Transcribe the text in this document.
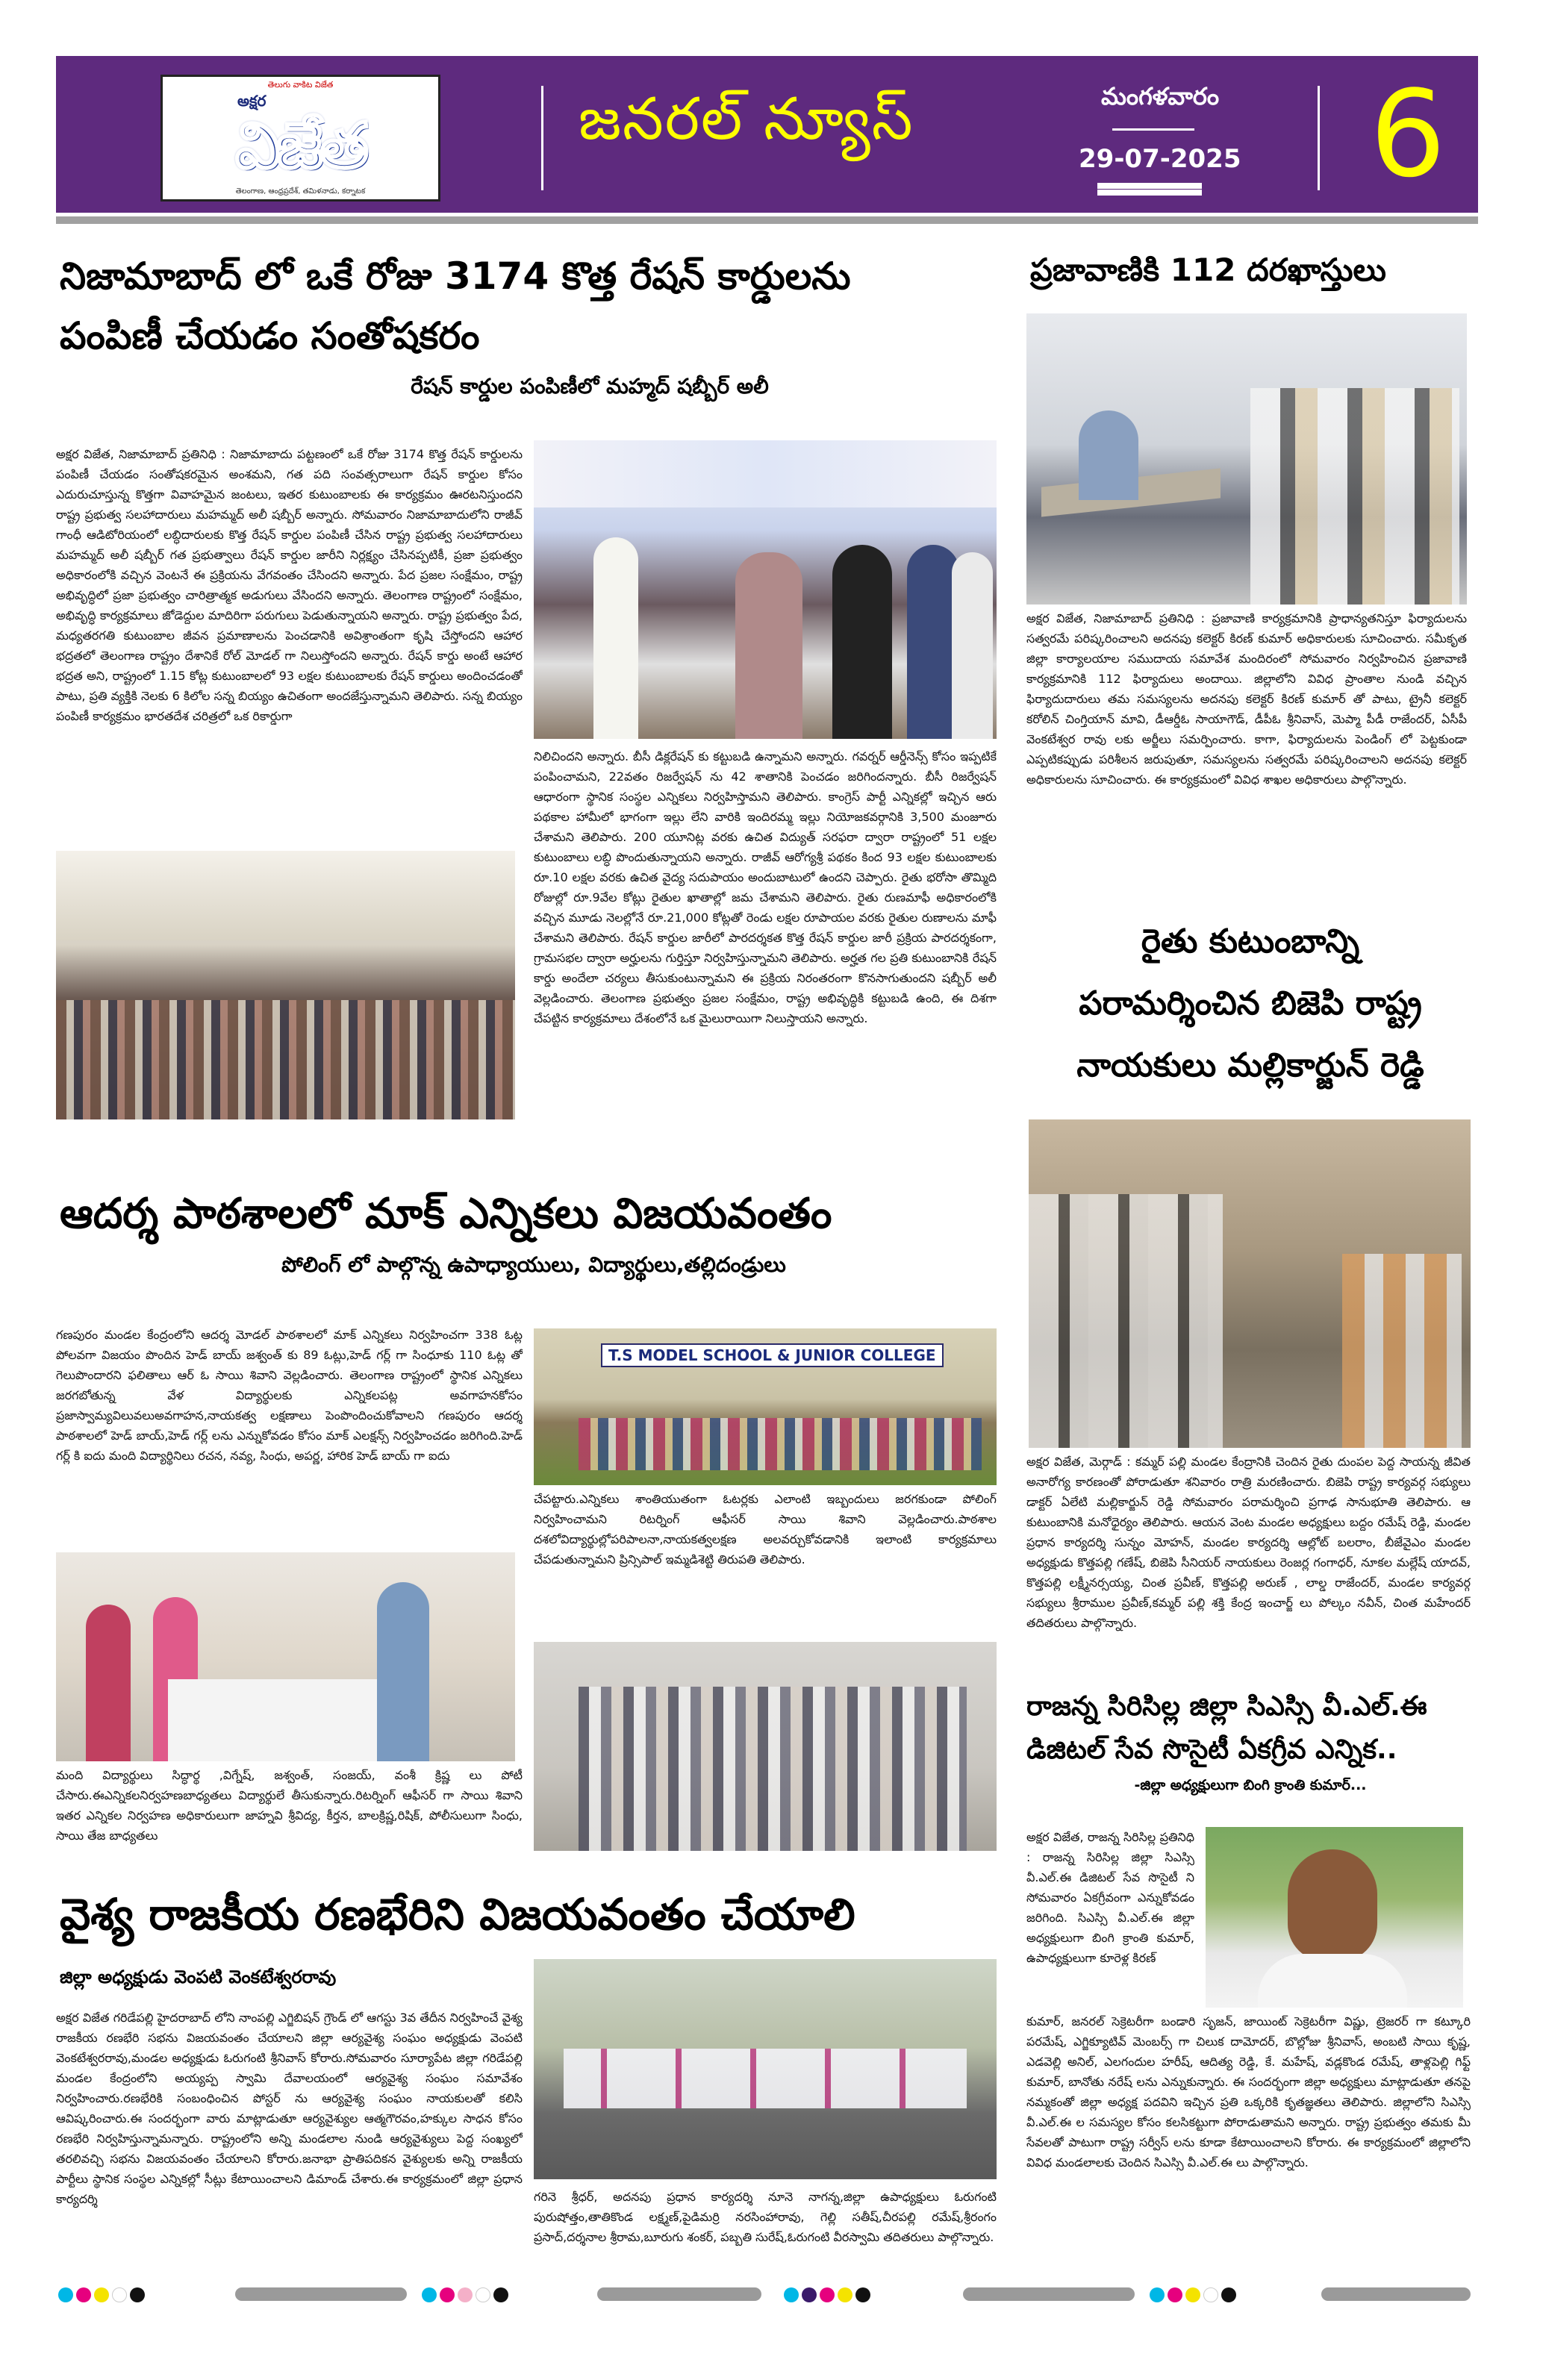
తెలుగు వాకిట విజేత
అక్షర
విజేత
తెలంగాణ, ఆంధ్రప్రదేశ్, తమిళనాడు, కర్నాటక
జనరల్ న్యూస్	మంగళవారం
29-07-2025 6
నిజామాబాద్ లో ఒకే రోజు 3174 కొత్త రేషన్ కార్డులను
పంపిణీ చేయడం సంతోషకరం
రేషన్ కార్డుల పంపిణీలో మహ్మద్ షబ్బీర్ అలీ
అక్షర విజేత, నిజామాబాద్ ప్రతినిధి : నిజామాబాదు పట్టణంలో ఒకే రోజు 3174 కొత్త రేషన్ కార్డులను పంపిణీ చేయడం సంతోషకరమైన అంశమని, గత పది సంవత్సరాలుగా రేషన్ కార్డుల కోసం ఎదురుచూస్తున్న కొత్తగా వివాహమైన జంటలు, ఇతర కుటుంబాలకు ఈ కార్యక్రమం ఊరటనిస్తుందని రాష్ట్ర ప్రభుత్వ సలహాదారులు మహమ్మద్ అలీ షబ్బీర్ అన్నారు. సోమవారం నిజామాబాదులోని రాజీవ్ గాంధీ ఆడిటోరియంలో లబ్ధిదారులకు కొత్త రేషన్ కార్డుల పంపిణీ చేసిన రాష్ట్ర ప్రభుత్వ సలహాదారులు మహమ్మద్ అలీ షబ్బీర్ గత ప్రభుత్వాలు రేషన్ కార్డుల జారీని నిర్లక్ష్యం చేసినప్పటికీ, ప్రజా ప్రభుత్వం అధికారంలోకి వచ్చిన వెంటనే ఈ ప్రక్రియను వేగవంతం చేసిందని అన్నారు. పేద ప్రజల సంక్షేమం, రాష్ట్ర అభివృద్ధిలో ప్రజా ప్రభుత్వం చారిత్రాత్మక అడుగులు వేసిందని అన్నారు. తెలంగాణ రాష్ట్రంలో సంక్షేమం, అభివృద్ధి కార్యక్రమాలు జోడెద్దుల మాదిరిగా పరుగులు పెడుతున్నాయని అన్నారు. రాష్ట్ర ప్రభుత్వం పేద, మధ్యతరగతి కుటుంబాల జీవన ప్రమాణాలను పెంచడానికి అవిశ్రాంతంగా కృషి చేస్తోందని ఆహార భద్రతలో తెలంగాణ రాష్ట్రం దేశానికే రోల్ మోడల్ గా నిలుస్తోందని అన్నారు. రేషన్ కార్డు అంటే ఆహార భద్రత అని, రాష్ట్రంలో 1.15 కోట్ల కుటుంబాలలో 93 లక్షల కుటుంబాలకు రేషన్ కార్డులు అందించడంతో పాటు, ప్రతి వ్యక్తికి నెలకు 6 కిలోల సన్న బియ్యం ఉచితంగా అందజేస్తున్నామని తెలిపారు. సన్న బియ్యం పంపిణీ కార్యక్రమం భారతదేశ చరిత్రలో ఒక రికార్డుగా
నిలిచిందని అన్నారు. బీసీ డిక్లరేషన్ కు కట్టుబడి ఉన్నామని అన్నారు. గవర్నర్ ఆర్డీనెన్స్ కోసం ఇప్పటికే పంపించామని, 22వతం రిజర్వేషన్ ను 42 శాతానికి పెంచడం జరిగిందన్నారు. బీసీ రిజర్వేషన్ ఆధారంగా స్థానిక సంస్థల ఎన్నికలు నిర్వహిస్తామని తెలిపారు. కాంగ్రెస్ పార్టీ ఎన్నికల్లో ఇచ్చిన ఆరు పథకాల హామీలో భాగంగా ఇల్లు లేని వారికి ఇందిరమ్మ ఇల్లు నియోజకవర్గానికి 3,500 మంజూరు చేశామని తెలిపారు. 200 యూనిట్ల వరకు ఉచిత విద్యుత్ సరఫరా ద్వారా రాష్ట్రంలో 51 లక్షల కుటుంబాలు లబ్ధి పొందుతున్నాయని అన్నారు. రాజీవ్ ఆరోగ్యశ్రీ పథకం కింద 93 లక్షల కుటుంబాలకు రూ.10 లక్షల వరకు ఉచిత వైద్య సదుపాయం అందుబాటులో ఉందని చెప్పారు. రైతు భరోసా తొమ్మిది రోజుల్లో రూ.9వేల కోట్లు రైతుల ఖాతాల్లో జమ చేశామని తెలిపారు. రైతు రుణమాఫీ అధికారంలోకి వచ్చిన మూడు నెలల్లోనే రూ.21,000 కోట్లతో రెండు లక్షల రూపాయల వరకు రైతుల రుణాలను మాఫీ చేశామని తెలిపారు. రేషన్ కార్డుల జారీలో పారదర్శకత కొత్త రేషన్ కార్డుల జారీ ప్రక్రియ పారదర్శకంగా, గ్రామసభల ద్వారా అర్హులను గుర్తిస్తూ నిర్వహిస్తున్నామని తెలిపారు. అర్హత గల ప్రతి కుటుంబానికి రేషన్ కార్డు అందేలా చర్యలు తీసుకుంటున్నామని ఈ ప్రక్రియ నిరంతరంగా కొనసాగుతుందని షబ్బీర్ అలీ వెల్లడించారు. తెలంగాణ ప్రభుత్వం ప్రజల సంక్షేమం, రాష్ట్ర అభివృద్ధికి కట్టుబడి ఉంది, ఈ దిశగా చేపట్టిన కార్యక్రమాలు దేశంలోనే ఒక మైలురాయిగా నిలుస్తాయని అన్నారు.
ఆదర్శ పాఠశాలలో మాక్ ఎన్నికలు విజయవంతం
పోలింగ్ లో పాల్గొన్న ఉపాధ్యాయులు, విద్యార్థులు,తల్లిదండ్రులు
గణపురం మండల కేంద్రంలోని ఆదర్శ మోడల్ పాఠశాలలో మాక్ ఎన్నికలు నిర్వహించగా 338 ఓట్ల పోలవగా విజయం పొందిన హెడ్ బాయ్ జశ్వంత్ కు 89 ఓట్లు,హెడ్ గర్ల్ గా సింధూకు 110 ఓట్ల తో గెలుపొందారని ఫలితాలు ఆర్ ఓ సాయి శివాని వెల్లడించారు. తెలంగాణ రాష్ట్రంలో స్థానిక ఎన్నికలు జరగబోతున్న వేళ విద్యార్థులకు ఎన్నికలపట్ల అవగాహనకోసం ప్రజాస్వామ్యవిలువలుఅవగాహన,నాయకత్వ లక్షణాలు పెంపొందించుకోవాలని గణపురం ఆదర్శ పాఠశాలలో హెడ్ బాయ్,హెడ్ గర్ల్ లను ఎన్నుకోవడం కోసం మాక్ ఎలక్షన్స్ నిర్వహించడం జరిగింది.హెడ్ గర్ల్ కి ఐదు మంది విద్యార్థినిలు రచన, నవ్య, సింధు, అపర్ణ, హారిక హెడ్ బాయ్ గా ఐదు
T.S MODEL SCHOOL & JUNIOR COLLEGE
చేపట్టారు.ఎన్నికలు శాంతియుతంగా ఓటర్లకు ఎలాంటి ఇబ్బందులు జరగకుండా పోలింగ్ నిర్వహించామని రిటర్నింగ్ ఆఫీసర్ సాయి శివాని వెల్లడించారు.పాఠశాల దశలోవిద్యార్థుల్లోపరిపాలనా,నాయకత్వలక్షణ అలవర్చుకోవడానికి ఇలాంటి కార్యక్రమాలు చేపడుతున్నామని ప్రిన్సిపాల్ ఇమ్మడిశెట్టి తిరుపతి తెలిపారు.
మంది విద్యార్థులు సిద్ధార్థ ,విగ్నేష్, జశ్వంత్, సంజయ్, వంశీ క్రిష్ణ లు పోటీ చేసారు.ఈఎన్నికలనిర్వహణబాధ్యతలు విద్యార్థులే తీసుకున్నారు.రిటర్నింగ్ ఆఫీసర్ గా సాయి శివాని ఇతర ఎన్నికల నిర్వహణ అధికారులుగా జాహ్నవి శ్రీవిద్య, కీర్తన, బాలక్రిష్ణ,రిషిక్, పోలీసులుగా సింధు, సాయి తేజ బాధ్యతలు
వైశ్య రాజకీయ రణభేరిని విజయవంతం చేయాలి
జిల్లా అధ్యక్షుడు వెంపటి వెంకటేశ్వరరావు
అక్షర విజేత గరిడేపల్లి హైదరాబాద్ లోని నాంపల్లి ఎగ్జిబిషన్ గ్రౌండ్ లో ఆగస్టు 3వ తేదీన నిర్వహించే వైశ్య రాజకీయ రణభేరి సభను విజయవంతం చేయాలని జిల్లా ఆర్యవైశ్య సంఘం అధ్యక్షుడు వెంపటి వెంకటేశ్వరరావు,మండల అధ్యక్షుడు ఓరుగంటి శ్రీనివాస్ కోరారు.సోమవారం సూర్యాపేట జిల్లా గరిడేపల్లి మండల కేంద్రంలోని అయ్యప్ప స్వామి దేవాలయంలో ఆర్యవైశ్య సంఘం సమావేశం నిర్వహించారు.రణభేరికి సంబంధించిన పోస్టర్ ను ఆర్యవైశ్య సంఘం నాయకులతో కలిసి ఆవిష్కరించారు.ఈ సందర్భంగా వారు మాట్లాడుతూ ఆర్యవైశ్యుల ఆత్మగౌరవం,హక్కుల సాధన కోసం రణభేరి నిర్వహిస్తున్నామన్నారు. రాష్ట్రంలోని అన్ని మండలాల నుండి ఆర్యవైశ్యులు పెద్ద సంఖ్యలో తరలివచ్చి సభను విజయవంతం చేయాలని కోరారు.జనాభా ప్రాతిపదికన వైశ్యులకు అన్ని రాజకీయ పార్టీలు స్థానిక సంస్థల ఎన్నికల్లో సీట్లు కేటాయించాలని డిమాండ్ చేశారు.ఈ కార్యక్రమంలో జిల్లా ప్రధాన కార్యదర్శి	గరినె శ్రీధర్, అదనపు ప్రధాన కార్యదర్శి నూనె నాగన్న,జిల్లా ఉపాధ్యక్షులు ఓరుగంటి పురుషోత్తం,తాతికొండ లక్ష్మణ్,పైడిమర్రి నరసింహారావు, గెల్లి సతీష్,చీరపల్లి రమేష్,శ్రీరంగం ప్రసాద్,దర్శనాల శ్రీరామ,బూరుగు శంకర్, పబ్బతి సురేష్,ఓరుగంటి వీరస్వామి తదితరులు పాల్గొన్నారు.
ప్రజావాణికి 112 దరఖాస్తులు
అక్షర విజేత, నిజామాబాద్ ప్రతినిధి : ప్రజావాణి కార్యక్రమానికి ప్రాధాన్యతనిస్తూ ఫిర్యాదులను సత్వరమే పరిష్కరించాలని అదనపు కలెక్టర్ కిరణ్ కుమార్ అధికారులకు సూచించారు. సమీకృత జిల్లా కార్యాలయాల సముదాయ సమావేశ మందిరంలో సోమవారం నిర్వహించిన ప్రజావాణి కార్యక్రమానికి 112 ఫిర్యాదులు అందాయి. జిల్లాలోని వివిధ ప్రాంతాల నుండి వచ్చిన ఫిర్యాదుదారులు తమ సమస్యలను అదనపు కలెక్టర్ కిరణ్ కుమార్ తో పాటు, ట్రైనీ కలెక్టర్ కరోలిన్ చింగ్తియాన్ మావి, డీఆర్డీఓ సాయాగౌడ్, డీపీఓ శ్రీనివాస్, మెప్మా పీడీ రాజేందర్, ఏసీపీ వెంకటేశ్వర రావు లకు అర్జీలు సమర్పించారు. కాగా, ఫిర్యాదులను పెండింగ్ లో పెట్టకుండా ఎప్పటికప్పుడు పరిశీలన జరుపుతూ, సమస్యలను సత్వరమే పరిష్కరించాలని అదనపు కలెక్టర్ అధికారులను సూచించారు. ఈ కార్యక్రమంలో వివిధ శాఖల అధికారులు పాల్గొన్నారు.
రైతు కుటుంబాన్ని
పరామర్శించిన బిజెపి రాష్ట్ర
నాయకులు మల్లికార్జున్ రెడ్డి
అక్షర విజేత, మెర్గాడ్ : కమ్మర్ పల్లి మండల కేంద్రానికి చెందిన రైతు దుంపల పెద్ద సాయన్న జీవిత అనారోగ్య కారణంతో పోరాడుతూ శనివారం రాత్రి మరణించారు. బిజెపి రాష్ట్ర కార్యవర్గ సభ్యులు డాక్టర్ ఏలేటి మల్లికార్జున్ రెడ్డి సోమవారం పరామర్శించి ప్రగాఢ సానుభూతి తెలిపారు. ఆ కుటుంబానికి మనోధైర్యం తెలిపారు. ఆయన వెంట మండల అధ్యక్షులు బద్దం రమేష్ రెడ్డి, మండల ప్రధాన కార్యదర్శి సున్నం మోహన్, మండల కార్యదర్శి ఆల్లోట్ బలరాం, బీజేవైఎం మండల అధ్యక్షుడు కొత్తపల్లి గణేష్, బిజెపి సీనియర్ నాయకులు రెంజర్ల గంగాధర్, నూకల మల్లేష్ యాదవ్, కొత్తపల్లి లక్ష్మీనర్సయ్య, చింత ప్రవీణ్, కొత్తపల్లి అరుణ్ , లాల్డ రాజేందర్, మండల కార్యవర్గ సభ్యులు శ్రీరాముల ప్రవీణ్,కమ్మర్ పల్లి శక్తి కేంద్ర ఇంచార్జ్ లు పోల్కం నవీన్, చింత మహేందర్ తదితరులు పాల్గొన్నారు.
రాజన్న సిరిసిల్ల జిల్లా సిఎస్సి వీ.ఎల్.ఈ
డిజిటల్ సేవ సొసైటీ ఏకగ్రీవ ఎన్నిక..
-జిల్లా అధ్యక్షులుగా బింగి క్రాంతి కుమార్...
అక్షర విజేత, రాజన్న సిరిసిల్ల ప్రతినిధి : రాజన్న సిరిసిల్ల జిల్లా సిఎస్సి వీ.ఎల్.ఈ డిజిటల్ సేవ సొసైటీ ని సోమవారం ఏకగ్రీవంగా ఎన్నుకోవడం జరిగింది. సిఎస్సి వీ.ఎల్.ఈ జిల్లా అధ్యక్షులుగా బింగి క్రాంతి కుమార్, ఉపాధ్యక్షులుగా కూరెళ్ల కిరణ్
కుమార్, జనరల్ సెక్రెటరీగా బండారి సృజన్, జాయింట్ సెక్రెటరీగా విష్ణు, ట్రెజరర్ గా కట్కూరి పరమేష్, ఎగ్జిక్యూటివ్ మెంబర్స్ గా చిలుక దామోదర్, బొల్లోజు శ్రీనివాస్, అంబటి సాయి కృష్ణ, ఎడవెల్లి అనిల్, ఎలగందుల హరీష్, ఆదిత్య రెడ్డి, కే. మహేష్, వడ్లకొండ రమేష్, తాళ్లపెల్లి గిఫ్ట్ కుమార్, బానోతు నరేష్ లను ఎన్నుకున్నారు. ఈ సందర్భంగా జిల్లా అధ్యక్షులు మాట్లాడుతూ తనపై నమ్మకంతో జిల్లా అధ్యక్ష పదవిని ఇచ్చిన ప్రతి ఒక్కరికి కృతజ్ఞతలు తెలిపారు. జిల్లాలోని సిఎస్సి వీ.ఎల్.ఈ ల సమస్యల కోసం కలసికట్టుగా పోరాడుతామని అన్నారు. రాష్ట్ర ప్రభుత్వం తమకు మీ సేవలతో పాటుగా రాష్ట్ర సర్వీస్ లను కూడా కేటాయించాలని కోరారు. ఈ కార్యక్రమంలో జిల్లాలోని వివిధ మండలాలకు చెందిన సిఎస్సి వీ.ఎల్.ఈ లు పాల్గొన్నారు.
